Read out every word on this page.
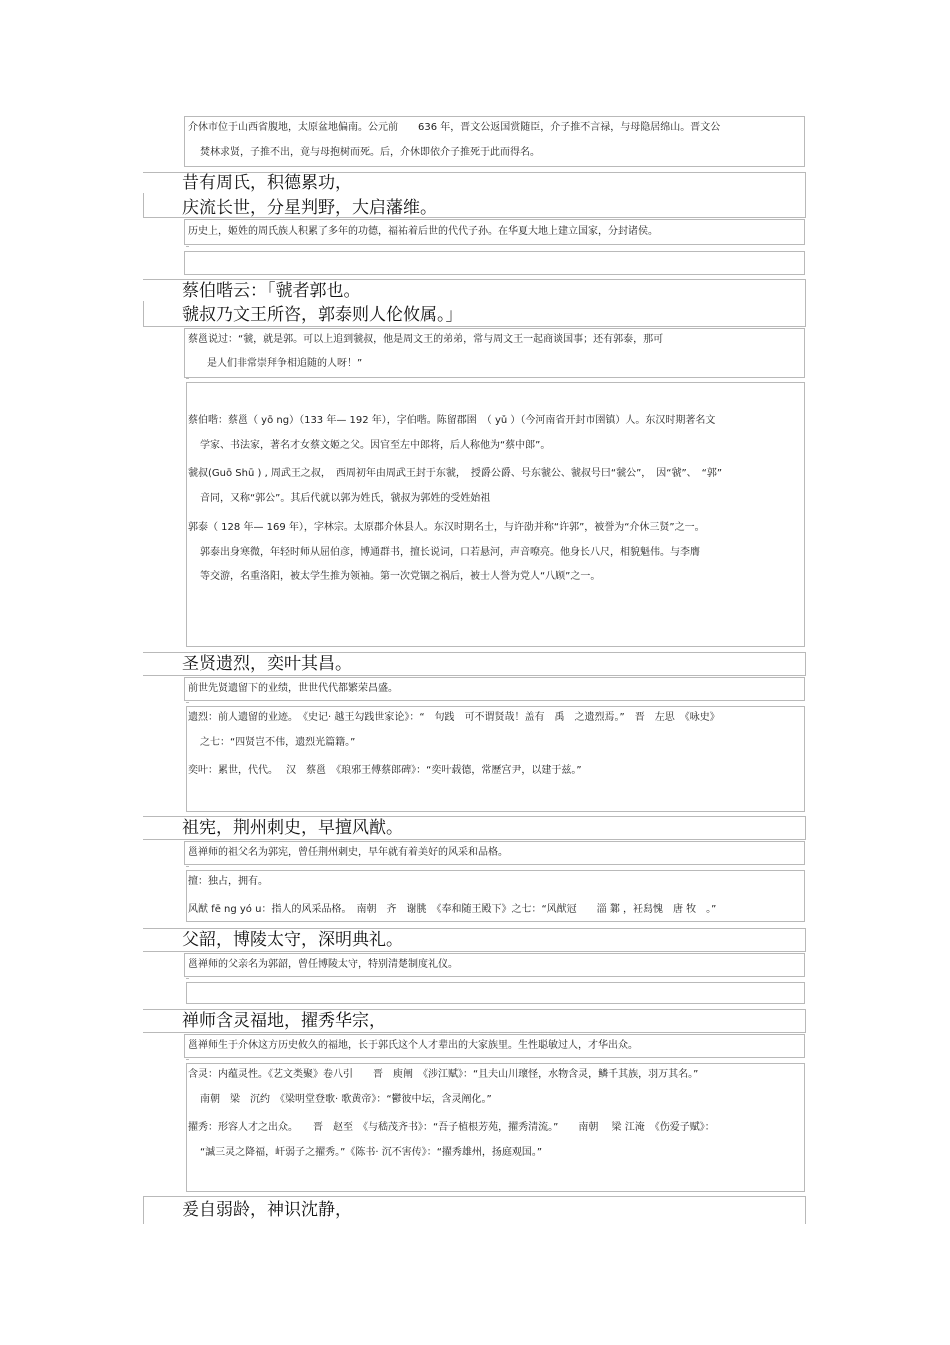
介休市位于山西省腹地，太原盆地偏南。公元前　　636 年，晋文公返国赏随臣，介子推不言禄，与母隐居绵山。晋文公
焚林求贤，子推不出，竟与母抱树而死。后，介休即依介子推死于此而得名。
昔有周氏，积德累功，
庆流长世，分星判野，大启藩维。
历史上，姬姓的周氏族人积累了多年的功德，福祐着后世的代代子孙。在华夏大地上建立国家，分封诸侯。
蔡伯喈云：「虢者郭也。
虢叔乃文王所咨，郭泰则人伦攸属。」
蔡邕说过：“虢，就是郭。可以上追到虢叔，他是周文王的弟弟，常与周文王一起商谈国事；还有郭泰，那可
是人们非常崇拜争相追随的人呀！”
蔡伯喈：蔡邕（ yō ng）（133 年— 192 年），字伯喈。陈留郡圉　（ yǔ ）（今河南省开封市圉镇）人。东汉时期著名文
学家、书法家，著名才女蔡文姬之父。因官至左中郎将，后人称他为“蔡中郎”。
虢叔(Guō Shū ) , 周武王之叔，　西周初年由周武王封于东虢，　授爵公爵、号东虢公、虢叔号曰“虢公”，　因“虢”、　“郭”
音同，又称“郭公”。其后代就以郭为姓氏，虢叔为郭姓的受姓始祖
郭泰（ 128 年— 169 年），字林宗。太原郡介休县人。东汉时期名士，与许劭并称“许郭”，被誉为“介休三贤”之一。
郭泰出身寒微，年轻时师从屈伯彦，博通群书，擅长说词，口若悬河，声音嘹亮。他身长八尺，相貌魁伟。与李膺
等交游，名重洛阳，被太学生推为领袖。第一次党锢之祸后，被士人誉为党人“八顾”之一。
圣贤遗烈，奕叶其昌。
前世先贤遗留下的业绩，世世代代都繁荣昌盛。
遗烈：前人遗留的业迹。　《史记· 越王勾践世家论》：“　句践　可不谓贤哉！盖有　禹　之遗烈焉。”　晋　左思　《咏史》
之七：“四贤岂不伟，遗烈光篇籍。”
奕叶：累世，代代。　 汉　蔡邕　《琅邪王傅蔡郎碑》：“奕叶载德，常歷宫尹，以建于兹。”
祖宪，荆州刺史，早擅风猷。
邕禅师的祖父名为郭宪，曾任荆州刺史，早年就有着美好的风采和品格。
擅：独占，拥有。
风猷 fē ng yó u：指人的风采品格。　南朝　齐　谢朓　《奉和随王殿下》之七：“风猷冠　　淄 鄴 ，衽舄愧　唐 牧　。”
父韶，博陵太守，深明典礼。
邕禅师的父亲名为郭韶，曾任博陵太守，特别清楚制度礼仪。
禅师含灵福地，擢秀华宗，
邕禅师生于介休这方历史攸久的福地，长于郭氏这个人才辈出的大家族里。生性聪敏过人，才华出众。
含灵：内蕴灵性。《艺文类聚》卷八引　　晋　庾阐　《涉江赋》：“且夫山川瓌怪，水物含灵，鳞千其族，羽万其名。”
南朝　梁　沉约　《梁明堂登歌· 歌黄帝》：“鬱彼中坛，含灵阐化。”
擢秀：形容人才之出众。　　晋　赵至　《与嵇茂齐书》：“吾子植根芳苑，擢秀清流。”　　南朝　 梁 江淹　《伤爱子赋》：
“諴三灵之降福，屽弱子之擢秀。”《陈书· 沉不害传》：“擢秀雄州，扬庭观国。”
爰自弱龄，神识沈静，
